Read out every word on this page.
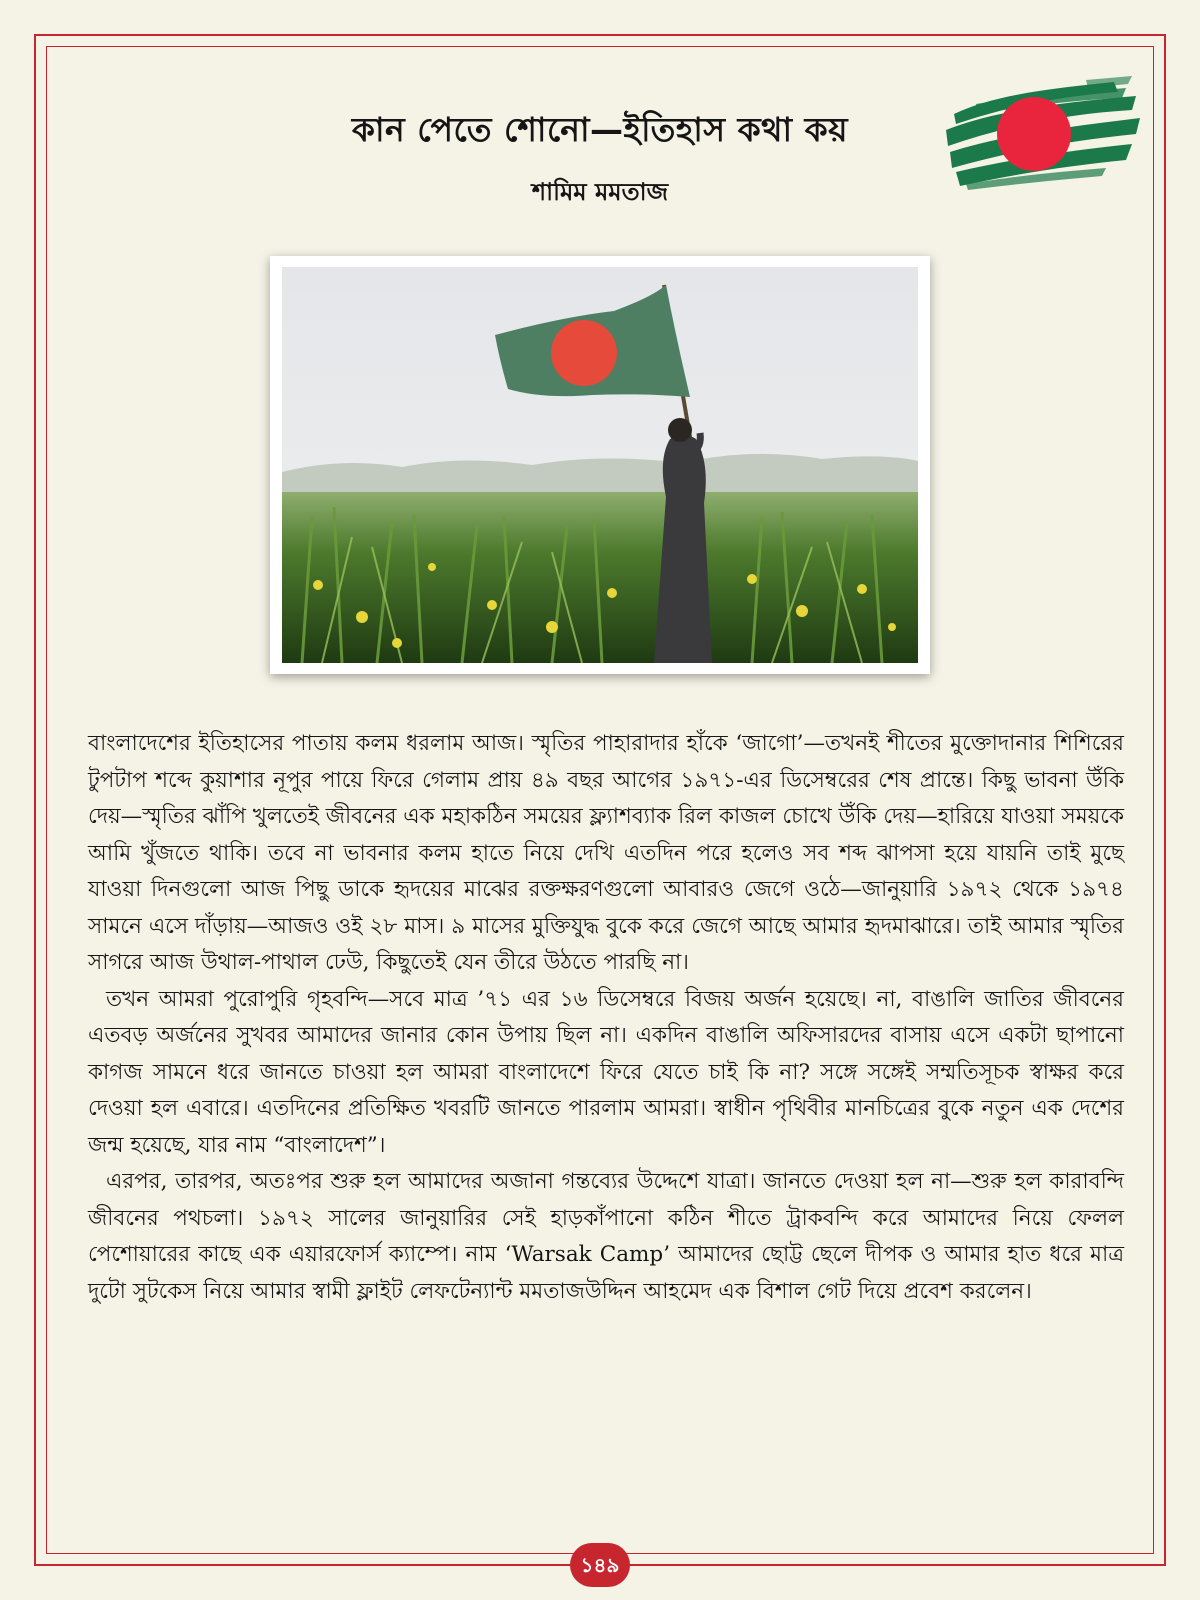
কান পেতে শোনো—ইতিহাস কথা কয়
শামিম মমতাজ

বাংলাদেশের ইতিহাসের পাতায় কলম ধরলাম আজ। স্মৃতির পাহারাদার হাঁকে ‘জাগো’—তখনই শীতের মুক্তোদানার শিশিরের টুপটাপ শব্দে কুয়াশার নূপুর পায়ে ফিরে গেলাম প্রায় ৪৯ বছর আগের ১৯৭১-এর ডিসেম্বরের শেষ প্রান্তে। কিছু ভাবনা উঁকি দেয়—স্মৃতির ঝাঁপি খুলতেই জীবনের এক মহাকঠিন সময়ের ফ্ল্যাশব্যাক রিল কাজল চোখে উঁকি দেয়—হারিয়ে যাওয়া সময়কে আমি খুঁজতে থাকি। তবে না ভাবনার কলম হাতে নিয়ে দেখি এতদিন পরে হলেও সব শব্দ ঝাপসা হয়ে যায়নি তাই মুছে যাওয়া দিনগুলো আজ পিছু ডাকে হৃদয়ের মাঝের রক্তক্ষরণগুলো আবারও জেগে ওঠে—জানুয়ারি ১৯৭২ থেকে ১৯৭৪ সামনে এসে দাঁড়ায়—আজও ওই ২৮ মাস। ৯ মাসের মুক্তিযুদ্ধ বুকে করে জেগে আছে আমার হৃদমাঝারে। তাই আমার স্মৃতির সাগরে আজ উথাল-পাথাল ঢেউ, কিছুতেই যেন তীরে উঠতে পারছি না।

তখন আমরা পুরোপুরি গৃহবন্দি—সবে মাত্র ’৭১ এর ১৬ ডিসেম্বরে বিজয় অর্জন হয়েছে। না, বাঙালি জাতির জীবনের এতবড় অর্জনের সুখবর আমাদের জানার কোন উপায় ছিল না। একদিন বাঙালি অফিসারদের বাসায় এসে একটা ছাপানো কাগজ সামনে ধরে জানতে চাওয়া হল আমরা বাংলাদেশে ফিরে যেতে চাই কি না? সঙ্গে সঙ্গেই সম্মতিসূচক স্বাক্ষর করে দেওয়া হল এবারে। এতদিনের প্রতিক্ষিত খবরটি জানতে পারলাম আমরা। স্বাধীন পৃথিবীর মানচিত্রের বুকে নতুন এক দেশের জন্ম হয়েছে, যার নাম “বাংলাদেশ”।

এরপর, তারপর, অতঃপর শুরু হল আমাদের অজানা গন্তব্যের উদ্দেশে যাত্রা। জানতে দেওয়া হল না—শুরু হল কারাবন্দি জীবনের পথচলা। ১৯৭২ সালের জানুয়ারির সেই হাড়কাঁপানো কঠিন শীতে ট্রাকবন্দি করে আমাদের নিয়ে ফেলল পেশোয়ারের কাছে এক এয়ারফোর্স ক্যাম্পে। নাম ‘Warsak Camp’ আমাদের ছোট্ট ছেলে দীপক ও আমার হাত ধরে মাত্র দুটো সুটকেস নিয়ে আমার স্বামী ফ্লাইট লেফটেন্যান্ট মমতাজউদ্দিন আহমেদ এক বিশাল গেট দিয়ে প্রবেশ করলেন।

১৪৯
